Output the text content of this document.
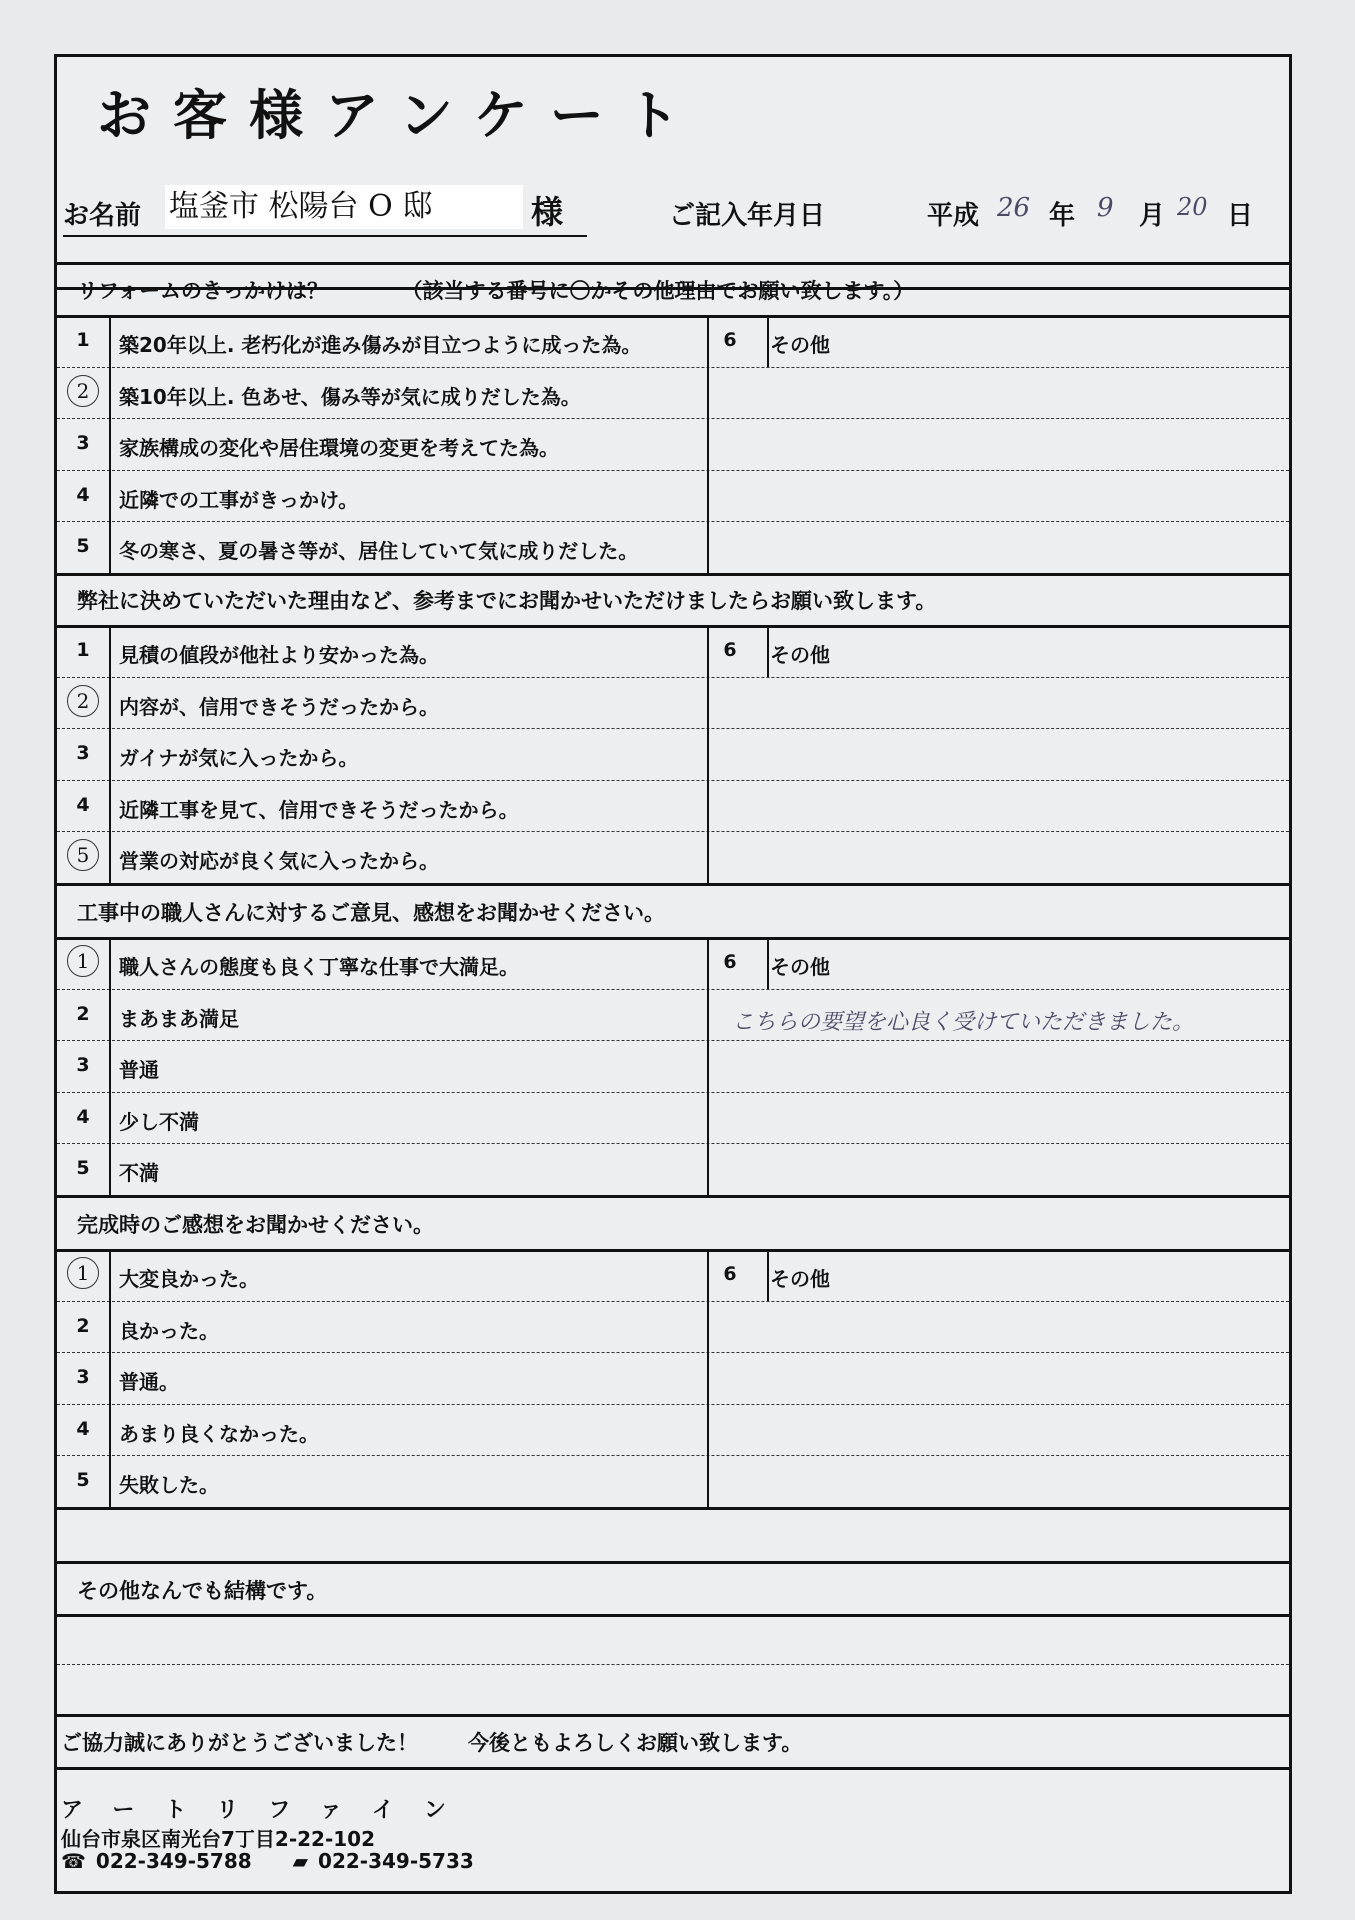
お客様アンケート
お名前 塩釜市 松陽台 O 邸	様	ご記入年月日	平成 26 年 9 月 20 日
リフォームのきっかけは？　　　　（該当する番号に〇かその他理由でお願い致します。）
1	築20年以上. 老朽化が進み傷みが目立つように成った為。	6	その他
2	築10年以上. 色あせ、傷み等が気に成りだした為。
3	家族構成の変化や居住環境の変更を考えてた為。
4	近隣での工事がきっかけ。
5	冬の寒さ、夏の暑さ等が、居住していて気に成りだした。
弊社に決めていただいた理由など、参考までにお聞かせいただけましたらお願い致します。
1	見積の値段が他社より安かった為。	6	その他
2	内容が、信用できそうだったから。
3	ガイナが気に入ったから。
4	近隣工事を見て、信用できそうだったから。
5	営業の対応が良く気に入ったから。
工事中の職人さんに対するご意見、感想をお聞かせください。
1	職人さんの態度も良く丁寧な仕事で大満足。	6	その他
2	まあまあ満足
3	普通
4	少し不満
5	不満
こちらの要望を心良く受けていただきました。
完成時のご感想をお聞かせください。
1	大変良かった。	6	その他
2	良かった。
3	普通。
4	あまり良くなかった。
5	失敗した。
その他なんでも結構です。
ご協力誠にありがとうございました！ 今後ともよろしくお願い致します。
アートリファイン
仙台市泉区南光台7丁目2-22-102
☎ 022-349-5788 ▰ 022-349-5733
